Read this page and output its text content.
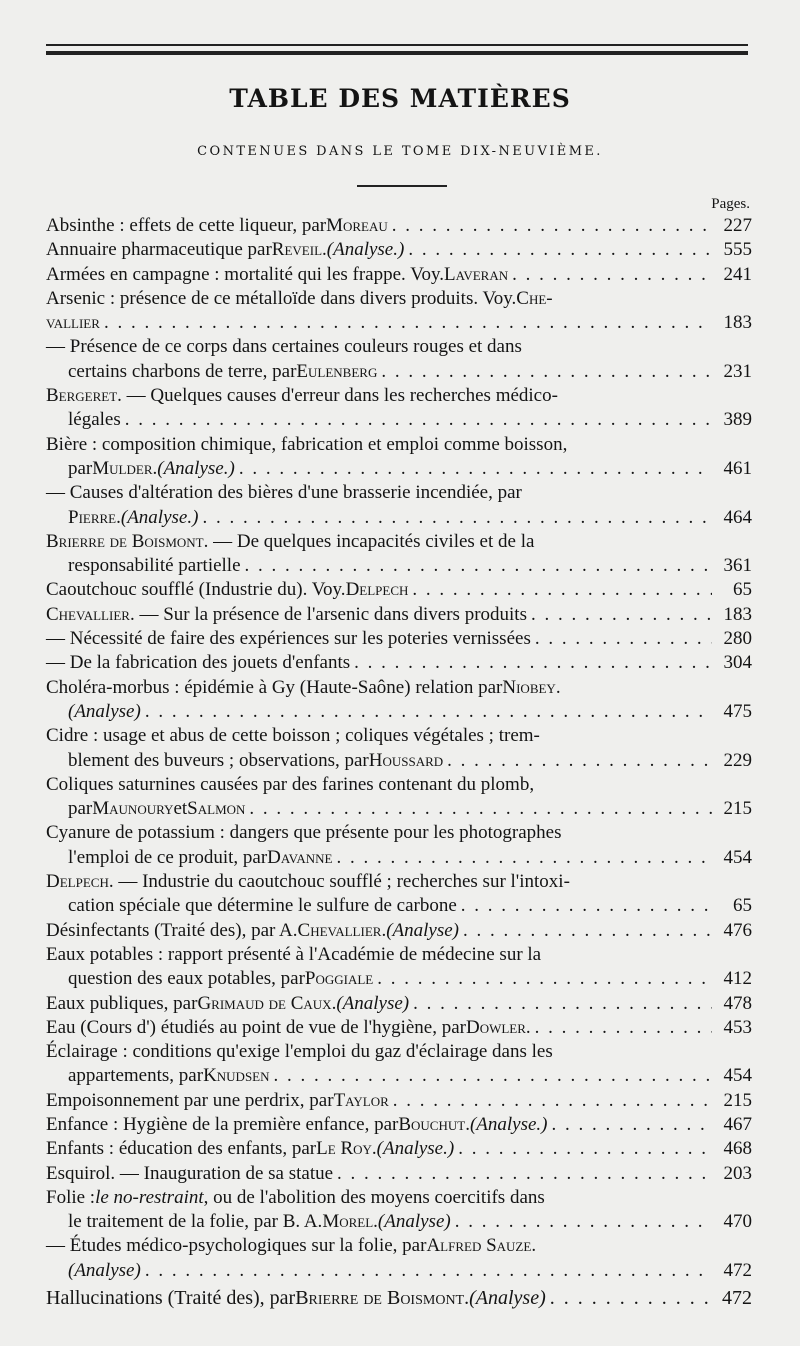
TABLE DES MATIÈRES
CONTENUES DANS LE TOME DIX-NEUVIÈME.
Pages.
Absinthe : effets de cette liqueur, par Moreau . . .	227
Annuaire pharmaceutique par Reveil . (Analyse.) . . .	555
Armées en campagne : mortalité qui les frappe. Voy. Laveran . . .	241
Arsenic : présence de ce métalloïde dans divers produits. Voy. Che-
vallier . . .	183
— Présence de ce corps dans certaines couleurs rouges et dans
certains charbons de terre, par Eulenberg . . .	231
Bergeret . — Quelques causes d'erreur dans les recherches médico-
légales . . .	389
Bière : composition chimique, fabrication et emploi comme boisson,
par Mulder . (Analyse.) . . .	461
— Causes d'altération des bières d'une brasserie incendiée, par
Pierre . (Analyse.) . . .	464
Brierre de Boismont . — De quelques incapacités civiles et de la
responsabilité partielle . . .	361
Caoutchouc soufflé (Industrie du). Voy. Delpech . . .	65
Chevallier . — Sur la présence de l'arsenic dans divers produits . . .	183
— Nécessité de faire des expériences sur les poteries vernissées . . .	280
— De la fabrication des jouets d'enfants . . .	304
Choléra-morbus : épidémie à Gy (Haute-Saône) relation par Niobey .
(Analyse) . . .	475
Cidre : usage et abus de cette boisson ; coliques végétales ; trem-
blement des buveurs ; observations, par Houssard . . .	229
Coliques saturnines causées par des farines contenant du plomb,
par Maunoury et Salmon . . .	215
Cyanure de potassium : dangers que présente pour les photographes
l'emploi de ce produit, par Davanne . . .	454
Delpech . — Industrie du caoutchouc soufflé ; recherches sur l'intoxi-
cation spéciale que détermine le sulfure de carbone . . .	65
Désinfectants (Traité des), par A. Chevallier . (Analyse) . . .	476
Eaux potables : rapport présenté à l'Académie de médecine sur la
question des eaux potables, par Poggiale . . .	412
Eaux publiques, par Grimaud de Caux . (Analyse) . . .	478
Eau (Cours d') étudiés au point de vue de l'hygiène, par Dowler . . . .	453
Éclairage : conditions qu'exige l'emploi du gaz d'éclairage dans les
appartements, par Knudsen . . .	454
Empoisonnement par une perdrix, par Taylor . . .	215
Enfance : Hygiène de la première enfance, par Bouchut . (Analyse.) . . .	467
Enfants : éducation des enfants, par Le Roy . (Analyse.) . . .	468
Esquirol. — Inauguration de sa statue . . .	203
Folie : le no-restraint , ou de l'abolition des moyens coercitifs dans
le traitement de la folie, par B. A. Morel . (Analyse) . . .	470
— Études médico-psychologiques sur la folie, par Alfred Sauze .
(Analyse) . . .	472
Hallucinations (Traité des), par Brierre de Boismont . (Analyse) . . .	472
